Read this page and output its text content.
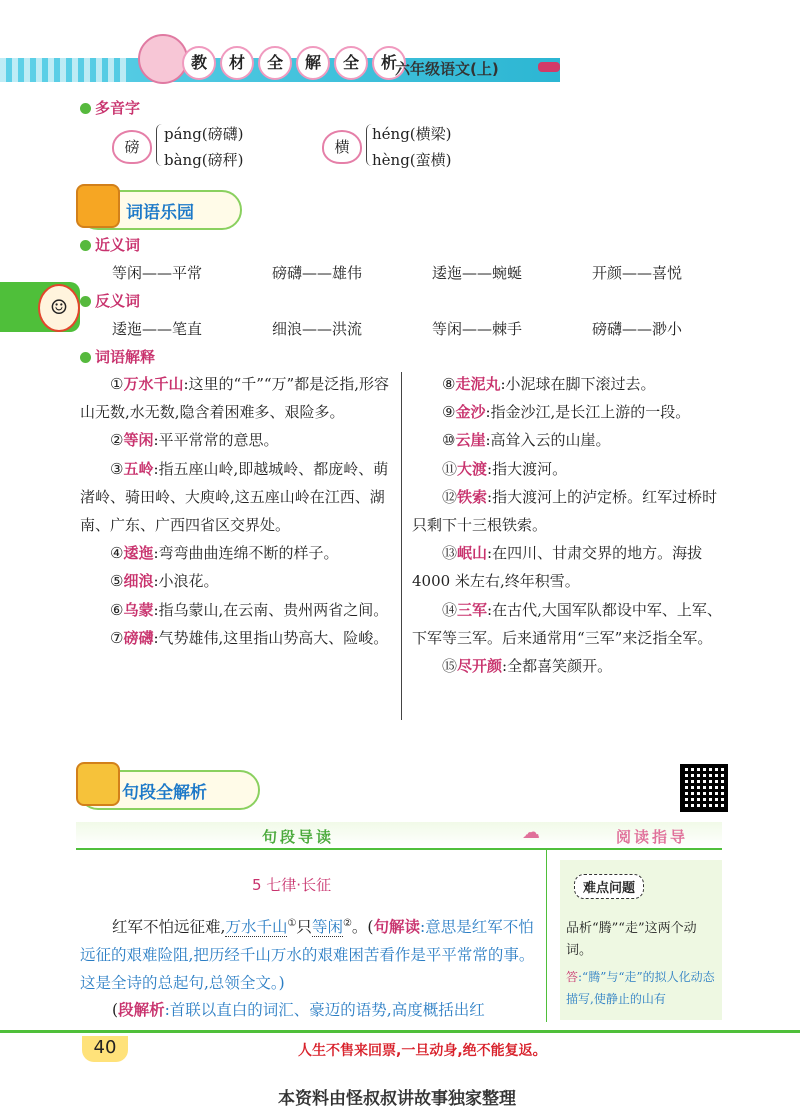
教	材	全	解	全	析
六年级语文(上)
☺
多音字
磅
páng(磅礴)
bàng(磅秤)
横
héng(横梁)
hèng(蛮横)
词语乐园
近义词
等闲——平常	磅礴——雄伟	逶迤——蜿蜒	开颜——喜悦
反义词
逶迤——笔直	细浪——洪流	等闲——棘手	磅礴——渺小
词语解释
①万水千山:这里的“千”“万”都是泛指,形容山无数,水无数,隐含着困难多、艰险多。
②等闲:平平常常的意思。
③五岭:指五座山岭,即越城岭、都庞岭、萌渚岭、骑田岭、大庾岭,这五座山岭在江西、湖南、广东、广西四省区交界处。
④逶迤:弯弯曲曲连绵不断的样子。
⑤细浪:小浪花。
⑥乌蒙:指乌蒙山,在云南、贵州两省之间。
⑦磅礴:气势雄伟,这里指山势高大、险峻。
⑧走泥丸:小泥球在脚下滚过去。
⑨金沙:指金沙江,是长江上游的一段。
⑩云崖:高耸入云的山崖。
⑪大渡:指大渡河。
⑫铁索:指大渡河上的泸定桥。红军过桥时只剩下十三根铁索。
⑬岷山:在四川、甘肃交界的地方。海拔 4000 米左右,终年积雪。
⑭三军:在古代,大国军队都设中军、上军、下军等三军。后来通常用“三军”来泛指全军。
⑮尽开颜:全都喜笑颜开。
句段全解析
句段导读	☁	阅读指导
5 七律·长征
红军不怕远征难,万水千山①只等闲②。(句解读:意思是红军不怕远征的艰难险阻,把历经千山万水的艰难困苦看作是平平常常的事。这是全诗的总起句,总领全文。)
(段解析:首联以直白的词汇、豪迈的语势,高度概括出红
难点问题
品析“腾”“走”这两个动词。
答:“腾”与“走”的拟人化动态描写,使静止的山有
40	人生不售来回票,一旦动身,绝不能复返。
本资料由怪叔叔讲故事独家整理
